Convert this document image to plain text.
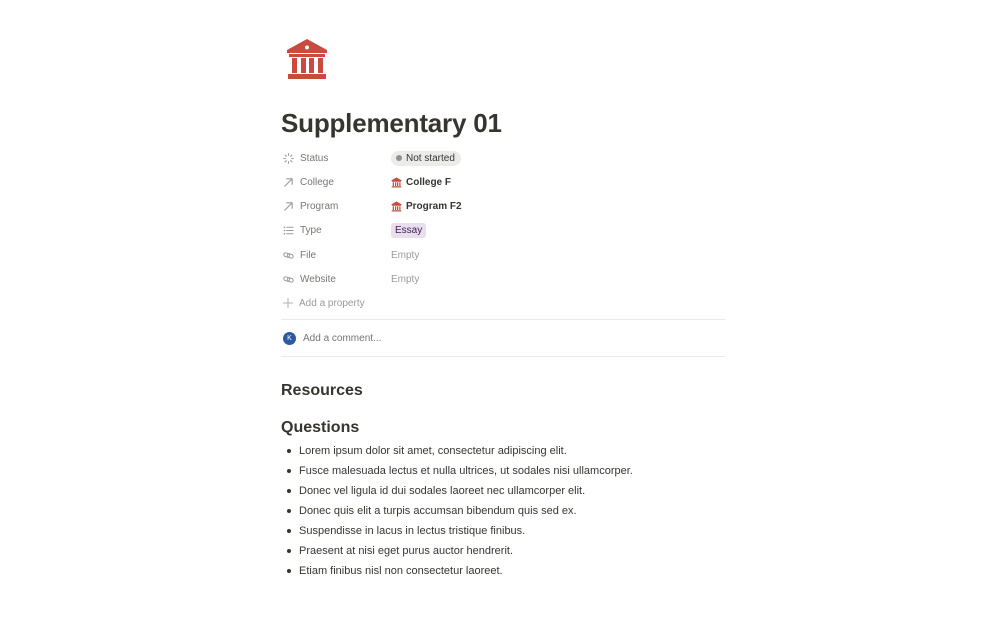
Supplementary 01
Status	Not started
College	College F
Program	Program F2
Type	Essay
File	Empty
Website	Empty
Add a property
K
Add a comment...
Resources
Questions
Lorem ipsum dolor sit amet, consectetur adipiscing elit.
Fusce malesuada lectus et nulla ultrices, ut sodales nisi ullamcorper.
Donec vel ligula id dui sodales laoreet nec ullamcorper elit.
Donec quis elit a turpis accumsan bibendum quis sed ex.
Suspendisse in lacus in lectus tristique finibus.
Praesent at nisi eget purus auctor hendrerit.
Etiam finibus nisl non consectetur laoreet.
